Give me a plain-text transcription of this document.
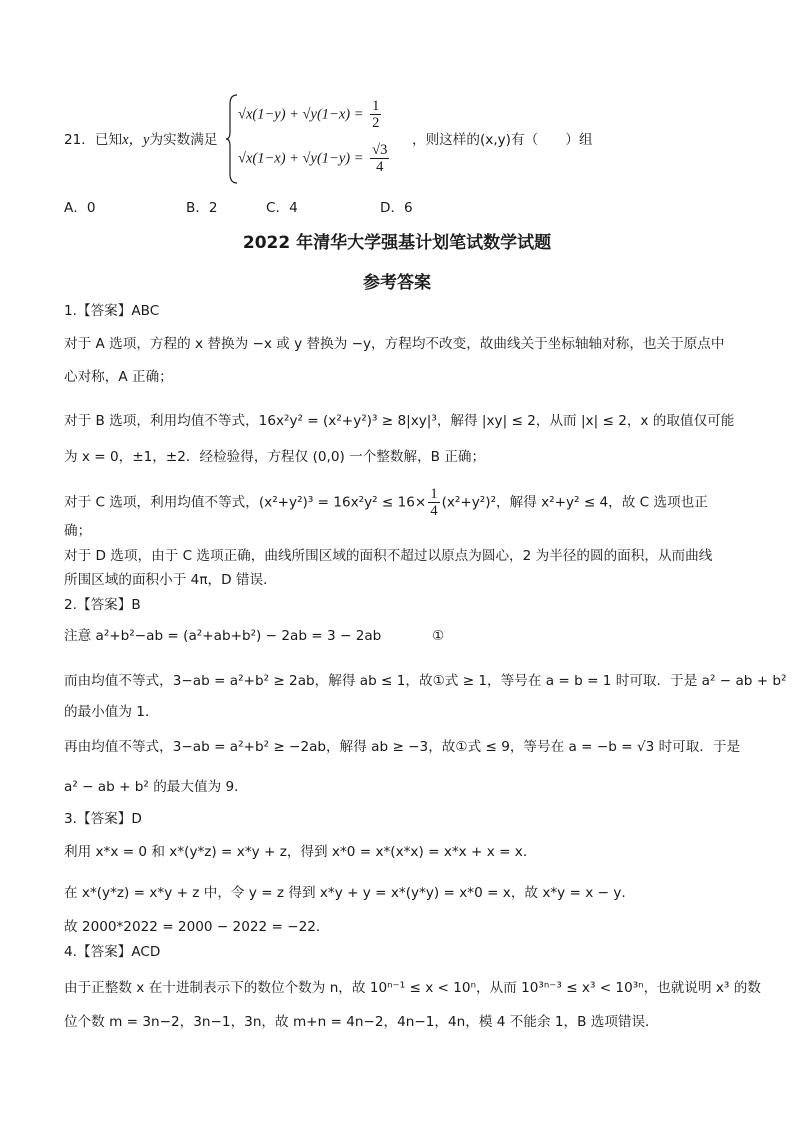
21．已知x，y为实数满足
$√x(1-y) + √y(1-x) = \frac{1}{2}$
$√x(1-x) + √y(1-y) = \frac{√3}{4}$
，则这样的(x,y)有（　　）组
A．0	B．2	C．4	D．6
2022 年清华大学强基计划笔试数学试题
参考答案
1.【答案】ABC
对于 A 选项，方程的 x 替换为 −x 或 y 替换为 −y，方程均不改变，故曲线关于坐标轴轴对称，也关于原点中
心对称，A 正确；
对于 B 选项，利用均值不等式，16x²y² = (x²+y²)³ ≥ 8|xy|³，解得 |xy| ≤ 2，从而 |x| ≤ 2，x 的取值仅可能
为 x = 0，±1，±2．经检验得，方程仅 (0,0) 一个整数解，B 正确；
对于 C 选项，利用均值不等式，$(x^2+y^2)^3 = 16x^2y^2 \le 16\times \frac{1}{4} (x^2+y^2)^2$，解得 x²+y² ≤ 4，故 C 选项也正
确；
对于 D 选项，由于 C 选项正确，曲线所围区域的面积不超过以原点为圆心，2 为半径的圆的面积，从而曲线
所围区域的面积小于 4π，D 错误．
2.【答案】B
注意 a²+b²−ab = (a²+ab+b²) − 2ab = 3 − 2ab	①
而由均值不等式，3−ab = a²+b² ≥ 2ab，解得 ab ≤ 1，故①式 ≥ 1，等号在 a = b = 1 时可取．于是 a² − ab + b²
的最小值为 1．
再由均值不等式，3−ab = a²+b² ≥ −2ab，解得 ab ≥ −3，故①式 ≤ 9，等号在 a = −b = √3 时可取．于是
a² − ab + b² 的最大值为 9．
3.【答案】D
利用 x*x = 0 和 x*(y*z) = x*y + z，得到 x*0 = x*(x*x) = x*x + x = x．
在 x*(y*z) = x*y + z 中，令 y = z 得到 x*y + y = x*(y*y) = x*0 = x，故 x*y = x − y．
故 2000*2022 = 2000 − 2022 = −22．
4.【答案】ACD
由于正整数 x 在十进制表示下的数位个数为 n，故 10ⁿ⁻¹ ≤ x < 10ⁿ，从而 10³ⁿ⁻³ ≤ x³ < 10³ⁿ，也就说明 x³ 的数
位个数 m = 3n−2，3n−1，3n，故 m+n = 4n−2，4n−1，4n，模 4 不能余 1，B 选项错误．
